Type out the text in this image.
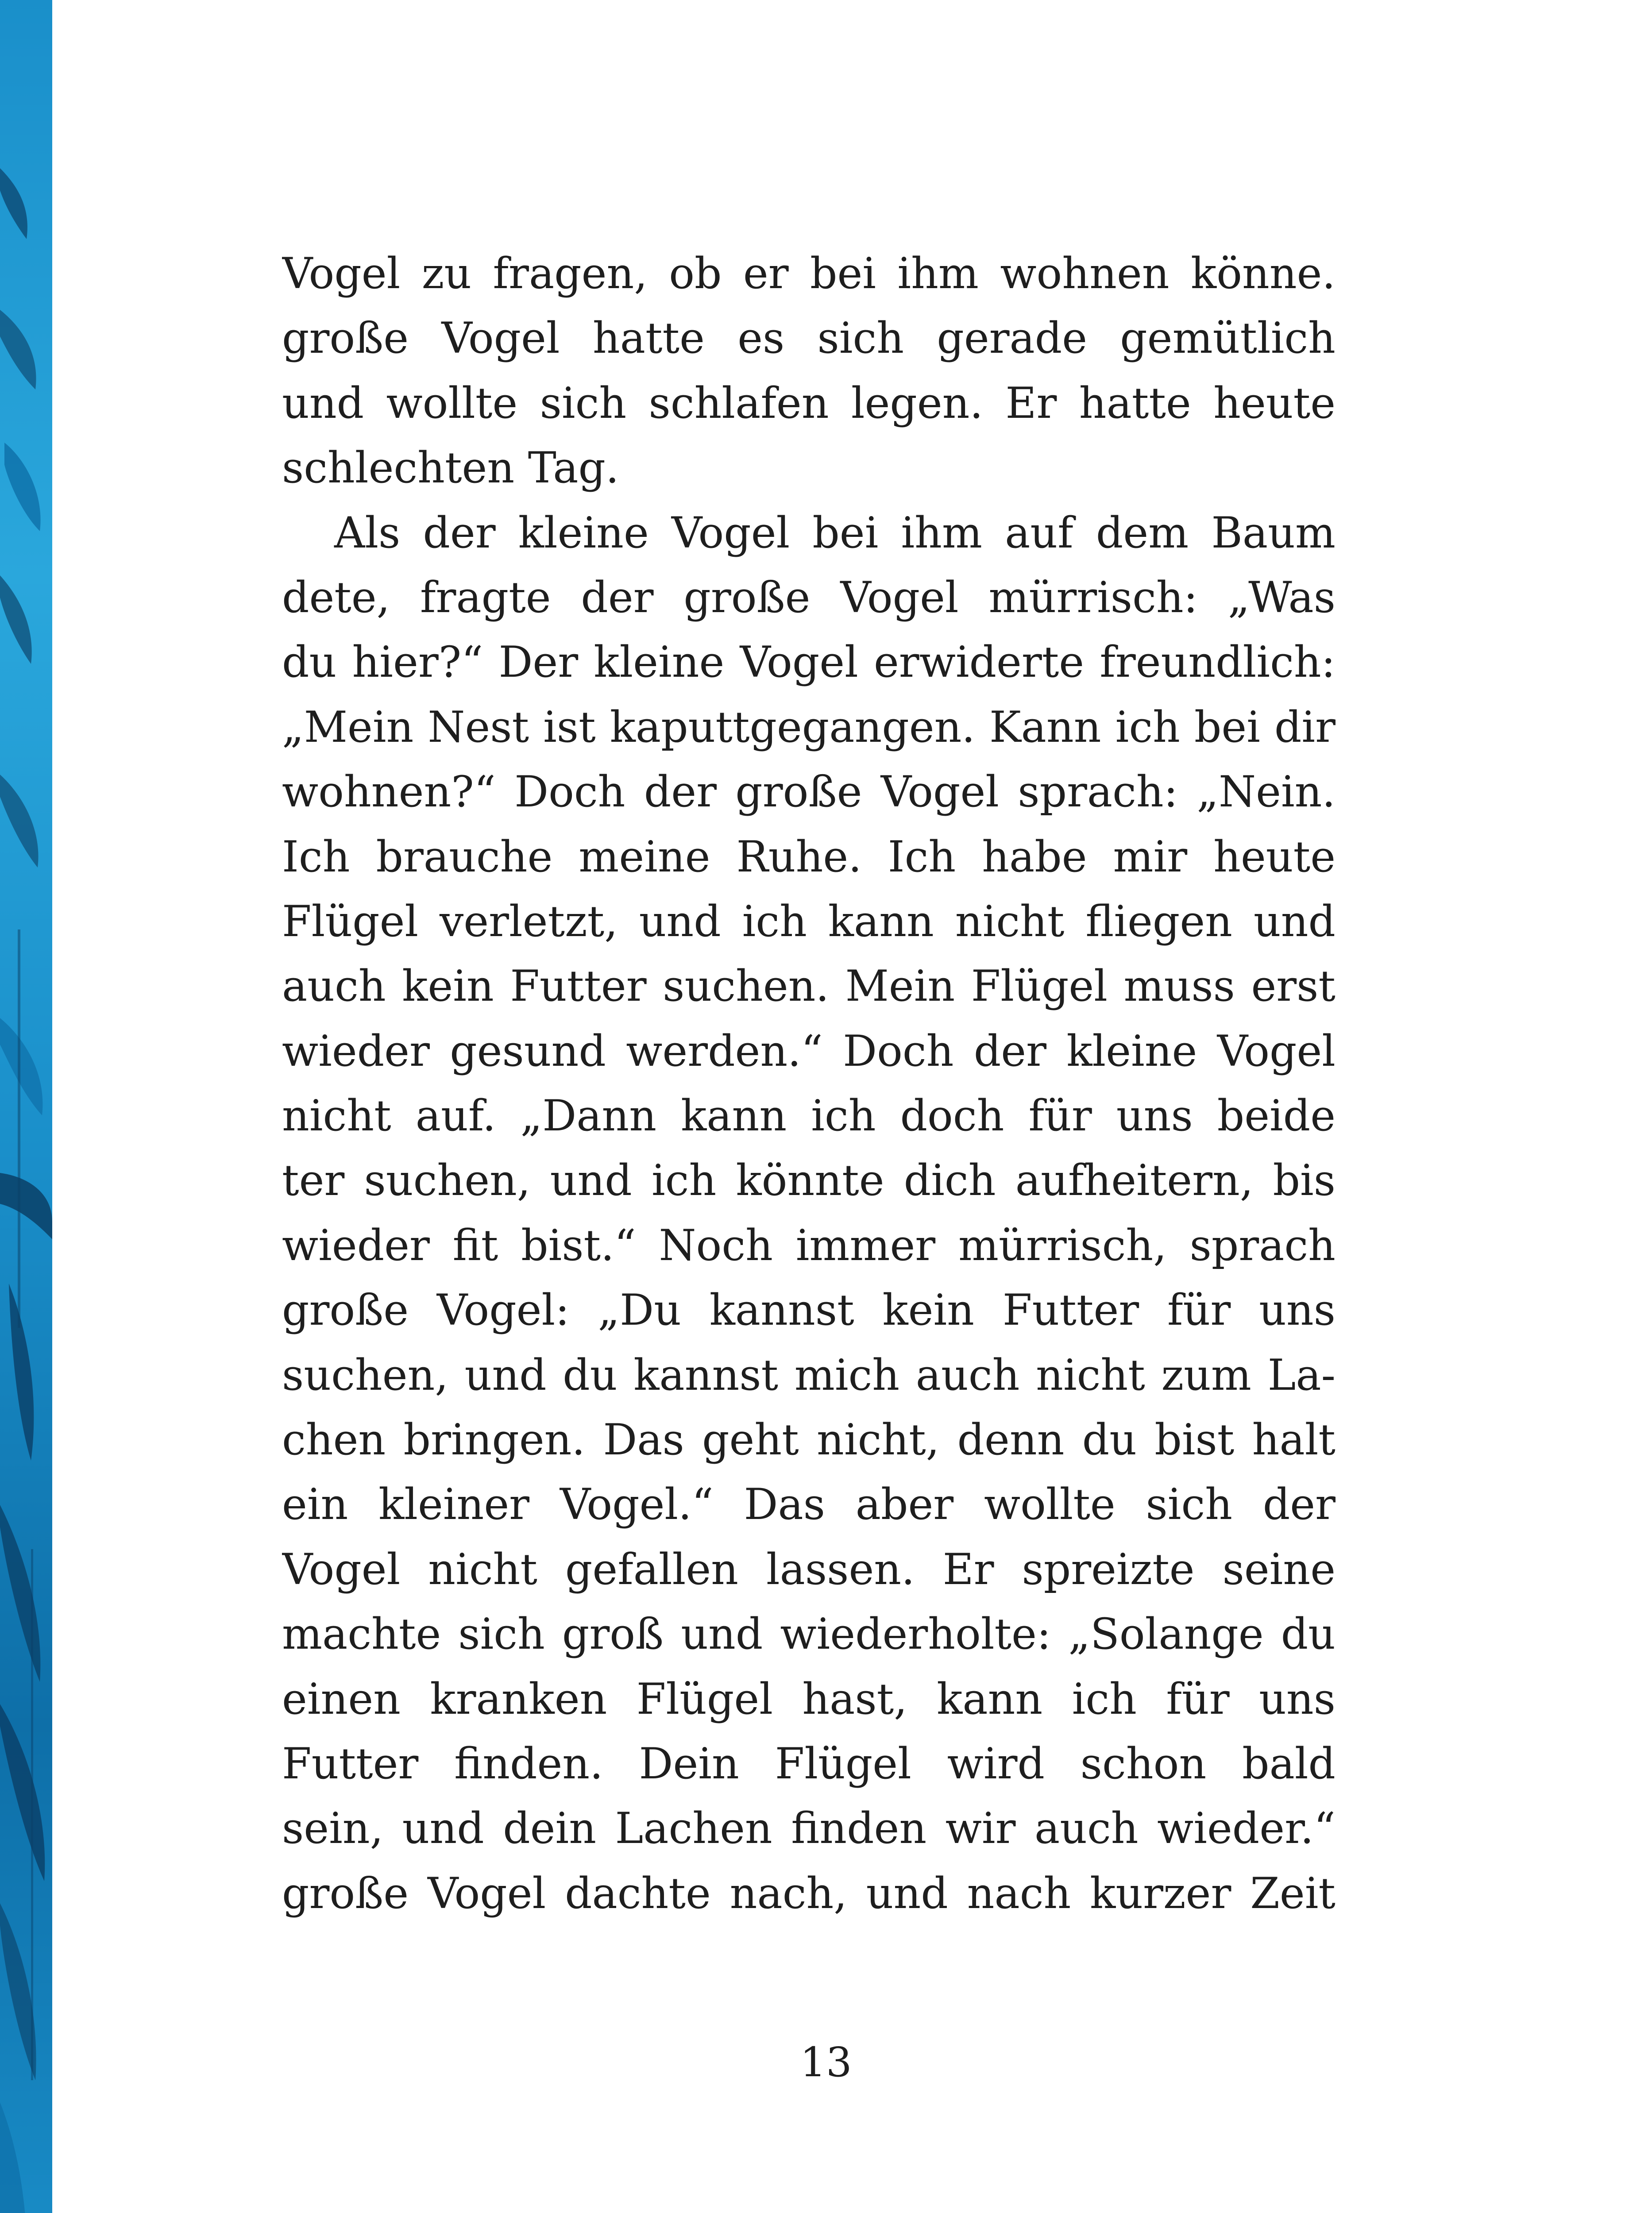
Vogel zu fragen, ob er bei ihm wohnen könne.
große Vogel hatte es sich gerade gemütlich
und wollte sich schlafen legen. Er hatte heute
schlechten Tag.
Als der kleine Vogel bei ihm auf dem Baum
dete, fragte der große Vogel mürrisch: „Was
du hier?“ Der kleine Vogel erwiderte freundlich:
„Mein Nest ist kaputtgegangen. Kann ich bei dir
wohnen?“ Doch der große Vogel sprach: „Nein.
Ich brauche meine Ruhe. Ich habe mir heute
Flügel verletzt, und ich kann nicht fliegen und
auch kein Futter suchen. Mein Flügel muss erst
wieder gesund werden.“ Doch der kleine Vogel
nicht auf. „Dann kann ich doch für uns beide
ter suchen, und ich könnte dich aufheitern, bis
wieder fit bist.“ Noch immer mürrisch, sprach
große Vogel: „Du kannst kein Futter für uns
suchen, und du kannst mich auch nicht zum La-
chen bringen. Das geht nicht, denn du bist halt
ein kleiner Vogel.“ Das aber wollte sich der
Vogel nicht gefallen lassen. Er spreizte seine
machte sich groß und wiederholte: „Solange du
einen kranken Flügel hast, kann ich für uns
Futter finden. Dein Flügel wird schon bald
sein, und dein Lachen finden wir auch wieder.“
große Vogel dachte nach, und nach kurzer Zeit
13
